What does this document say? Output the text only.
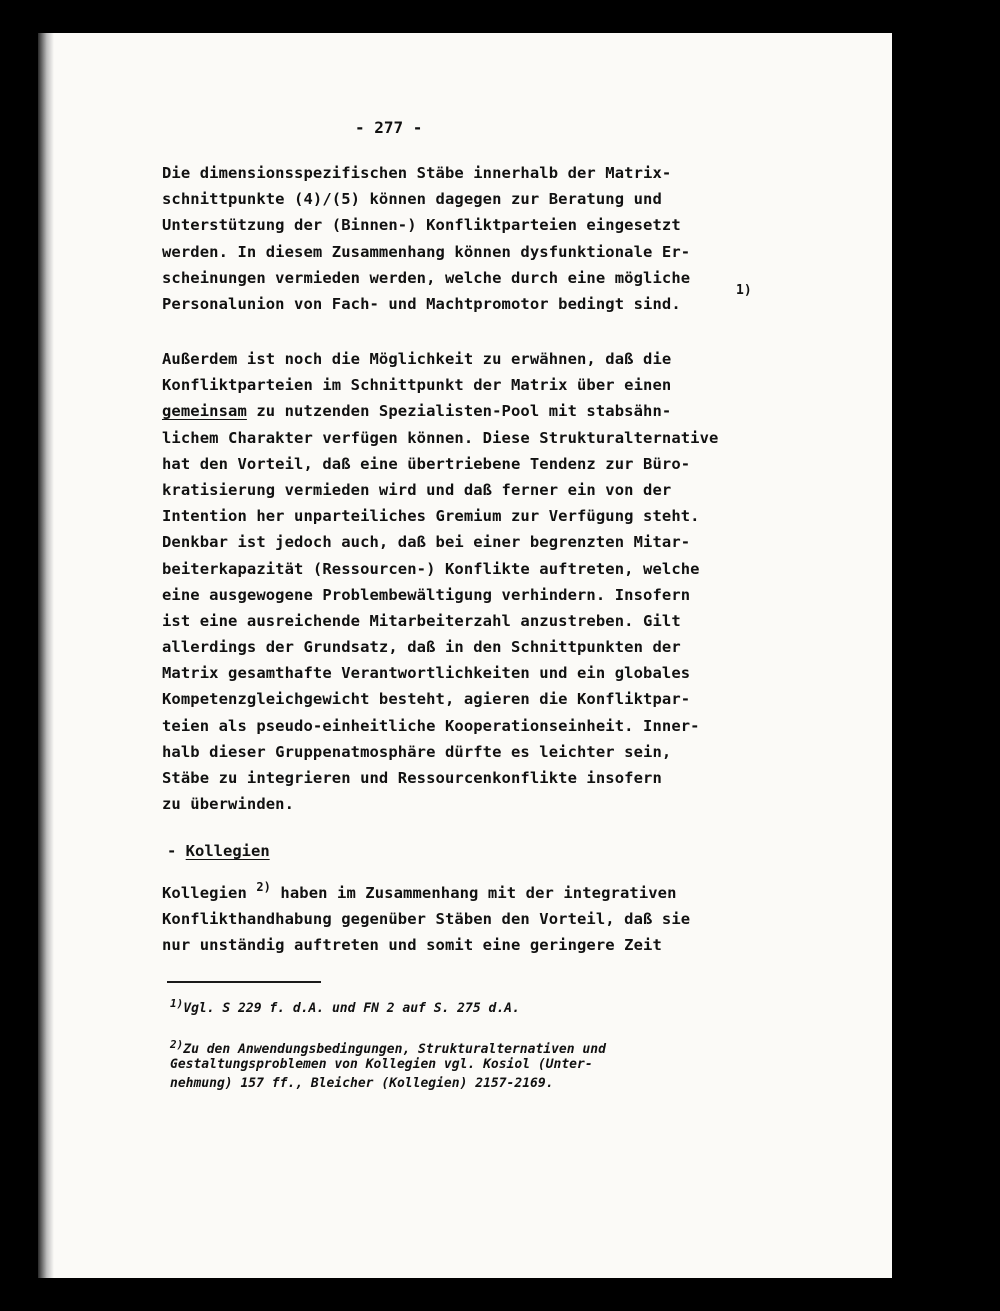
- 277 -
Die dimensionsspezifischen Stäbe innerhalb der Matrix-
schnittpunkte (4)/(5) können dagegen zur Beratung und
Unterstützung der (Binnen-) Konfliktparteien eingesetzt
werden. In diesem Zusammenhang können dysfunktionale Er-
scheinungen vermieden werden, welche durch eine mögliche
Personalunion von Fach- und Machtpromotor bedingt sind.
1)
Außerdem ist noch die Möglichkeit zu erwähnen, daß die
Konfliktparteien im Schnittpunkt der Matrix über einen
gemeinsam zu nutzenden Spezialisten-Pool mit stabsähn-
lichem Charakter verfügen können. Diese Strukturalternative
hat den Vorteil, daß eine übertriebene Tendenz zur Büro-
kratisierung vermieden wird und daß ferner ein von der
Intention her unparteiliches Gremium zur Verfügung steht.
Denkbar ist jedoch auch, daß bei einer begrenzten Mitar-
beiterkapazität (Ressourcen-) Konflikte auftreten, welche
eine ausgewogene Problembewältigung verhindern. Insofern
ist eine ausreichende Mitarbeiterzahl anzustreben. Gilt
allerdings der Grundsatz, daß in den Schnittpunkten der
Matrix gesamthafte Verantwortlichkeiten und ein globales
Kompetenzgleichgewicht besteht, agieren die Konfliktpar-
teien als pseudo-einheitliche Kooperationseinheit. Inner-
halb dieser Gruppenatmosphäre dürfte es leichter sein,
Stäbe zu integrieren und Ressourcenkonflikte insofern
zu überwinden.
- Kollegien
Kollegien $^{2)}$ haben im Zusammenhang mit der integrativen
Konflikthandhabung gegenüber Stäben den Vorteil, daß sie
nur unständig auftreten und somit eine geringere Zeit
$^{1)}$Vgl. S 229 f. d.A. und FN 2 auf S. 275 d.A.
$^{2)}$Zu den Anwendungsbedingungen, Strukturalternativen und
Gestaltungsproblemen von Kollegien vgl. Kosiol (Unter-
nehmung) 157 ff., Bleicher (Kollegien) 2157-2169.
